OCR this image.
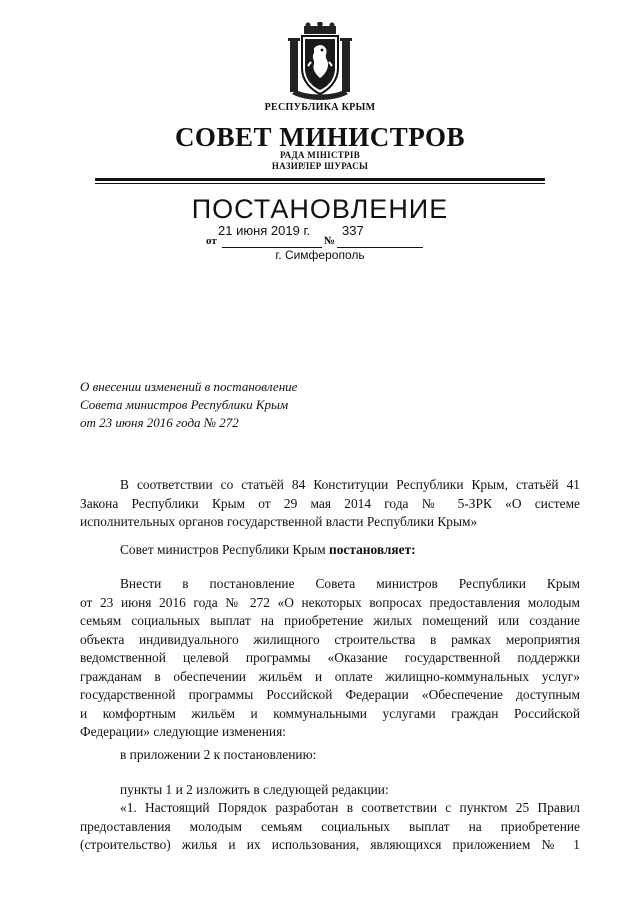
РЕСПУБЛИКА КРЫМ
СОВЕТ МИНИСТРОВ
РАДА МІНІСТРІВ
НАЗИРЛЕР ШУРАСЫ
ПОСТАНОВЛЕНИЕ
21 июня 2019 г. 337
от	№
г. Симферополь
О внесении изменений в постановление
Совета министров Республики Крым
от 23 июня 2016 года № 272
В соответствии со статьёй 84 Конституции Республики Крым, статьёй 41
Закона Республики Крым от 29 мая 2014 года № 5-ЗРК «О системе
исполнительных органов государственной власти Республики Крым»
Совет министров Республики Крым постановляет:
Внести в постановление Совета министров Республики Крым
от 23 июня 2016 года № 272 «О некоторых вопросах предоставления молодым
семьям социальных выплат на приобретение жилых помещений или создание
объекта индивидуального жилищного строительства в рамках мероприятия
ведомственной целевой программы «Оказание государственной поддержки
гражданам в обеспечении жильём и оплате жилищно-коммунальных услуг»
государственной программы Российской Федерации «Обеспечение доступным
и комфортным жильём и коммунальными услугами граждан Российской
Федерации» следующие изменения:
в приложении 2 к постановлению:
пункты 1 и 2 изложить в следующей редакции:
«1. Настоящий Порядок разработан в соответствии с пунктом 25 Правил
предоставления молодым семьям социальных выплат на приобретение
(строительство) жилья и их использования, являющихся приложением № 1
